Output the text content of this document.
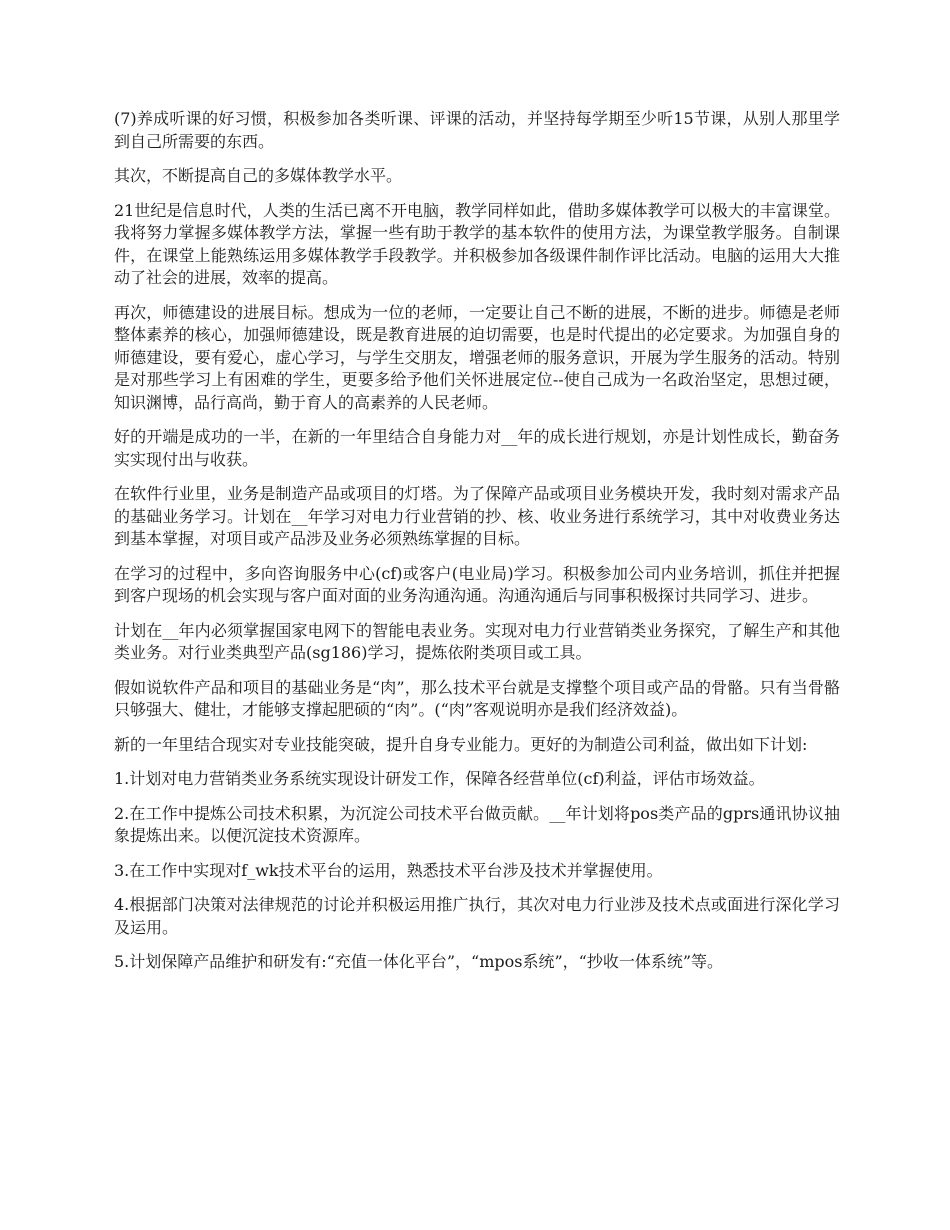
(7)养成听课的好习惯，积极参加各类听课、评课的活动，并坚持每学期至少听15节课，从别人那里学到自己所需要的东西。

其次，不断提高自己的多媒体教学水平。

21世纪是信息时代，人类的生活已离不开电脑，教学同样如此，借助多媒体教学可以极大的丰富课堂。我将努力掌握多媒体教学方法，掌握一些有助于教学的基本软件的使用方法，为课堂教学服务。自制课件，在课堂上能熟练运用多媒体教学手段教学。并积极参加各级课件制作评比活动。电脑的运用大大推动了社会的进展，效率的提高。

再次，师德建设的进展目标。想成为一位的老师，一定要让自己不断的进展，不断的进步。师德是老师整体素养的核心，加强师德建设，既是教育进展的迫切需要，也是时代提出的必定要求。为加强自身的师德建设，要有爱心，虚心学习，与学生交朋友，增强老师的服务意识，开展为学生服务的活动。特别是对那些学习上有困难的学生，更要多给予他们关怀进展定位--使自己成为一名政治坚定，思想过硬，知识渊博，品行高尚，勤于育人的高素养的人民老师。

好的开端是成功的一半，在新的一年里结合自身能力对__年的成长进行规划，亦是计划性成长，勤奋务实实现付出与收获。

在软件行业里，业务是制造产品或项目的灯塔。为了保障产品或项目业务模块开发，我时刻对需求产品的基础业务学习。计划在__年学习对电力行业营销的抄、核、收业务进行系统学习，其中对收费业务达到基本掌握，对项目或产品涉及业务必须熟练掌握的目标。

在学习的过程中，多向咨询服务中心(cf)或客户(电业局)学习。积极参加公司内业务培训，抓住并把握到客户现场的机会实现与客户面对面的业务沟通沟通。沟通沟通后与同事积极探讨共同学习、进步。

计划在__年内必须掌握国家电网下的智能电表业务。实现对电力行业营销类业务探究，了解生产和其他类业务。对行业类典型产品(sg186)学习，提炼依附类项目或工具。

假如说软件产品和项目的基础业务是“肉”，那么技术平台就是支撑整个项目或产品的骨骼。只有当骨骼只够强大、健壮，才能够支撑起肥硕的“肉”。(“肉”客观说明亦是我们经济效益)。

新的一年里结合现实对专业技能突破，提升自身专业能力。更好的为制造公司利益，做出如下计划:

1.计划对电力营销类业务系统实现设计研发工作，保障各经营单位(cf)利益，评估市场效益。

2.在工作中提炼公司技术积累，为沉淀公司技术平台做贡献。__年计划将pos类产品的gprs通讯协议抽象提炼出来。以便沉淀技术资源库。

3.在工作中实现对f_wk技术平台的运用，熟悉技术平台涉及技术并掌握使用。

4.根据部门决策对法律规范的讨论并积极运用推广执行，其次对电力行业涉及技术点或面进行深化学习及运用。

5.计划保障产品维护和研发有:“充值一体化平台”，“mpos系统”，“抄收一体系统”等。
